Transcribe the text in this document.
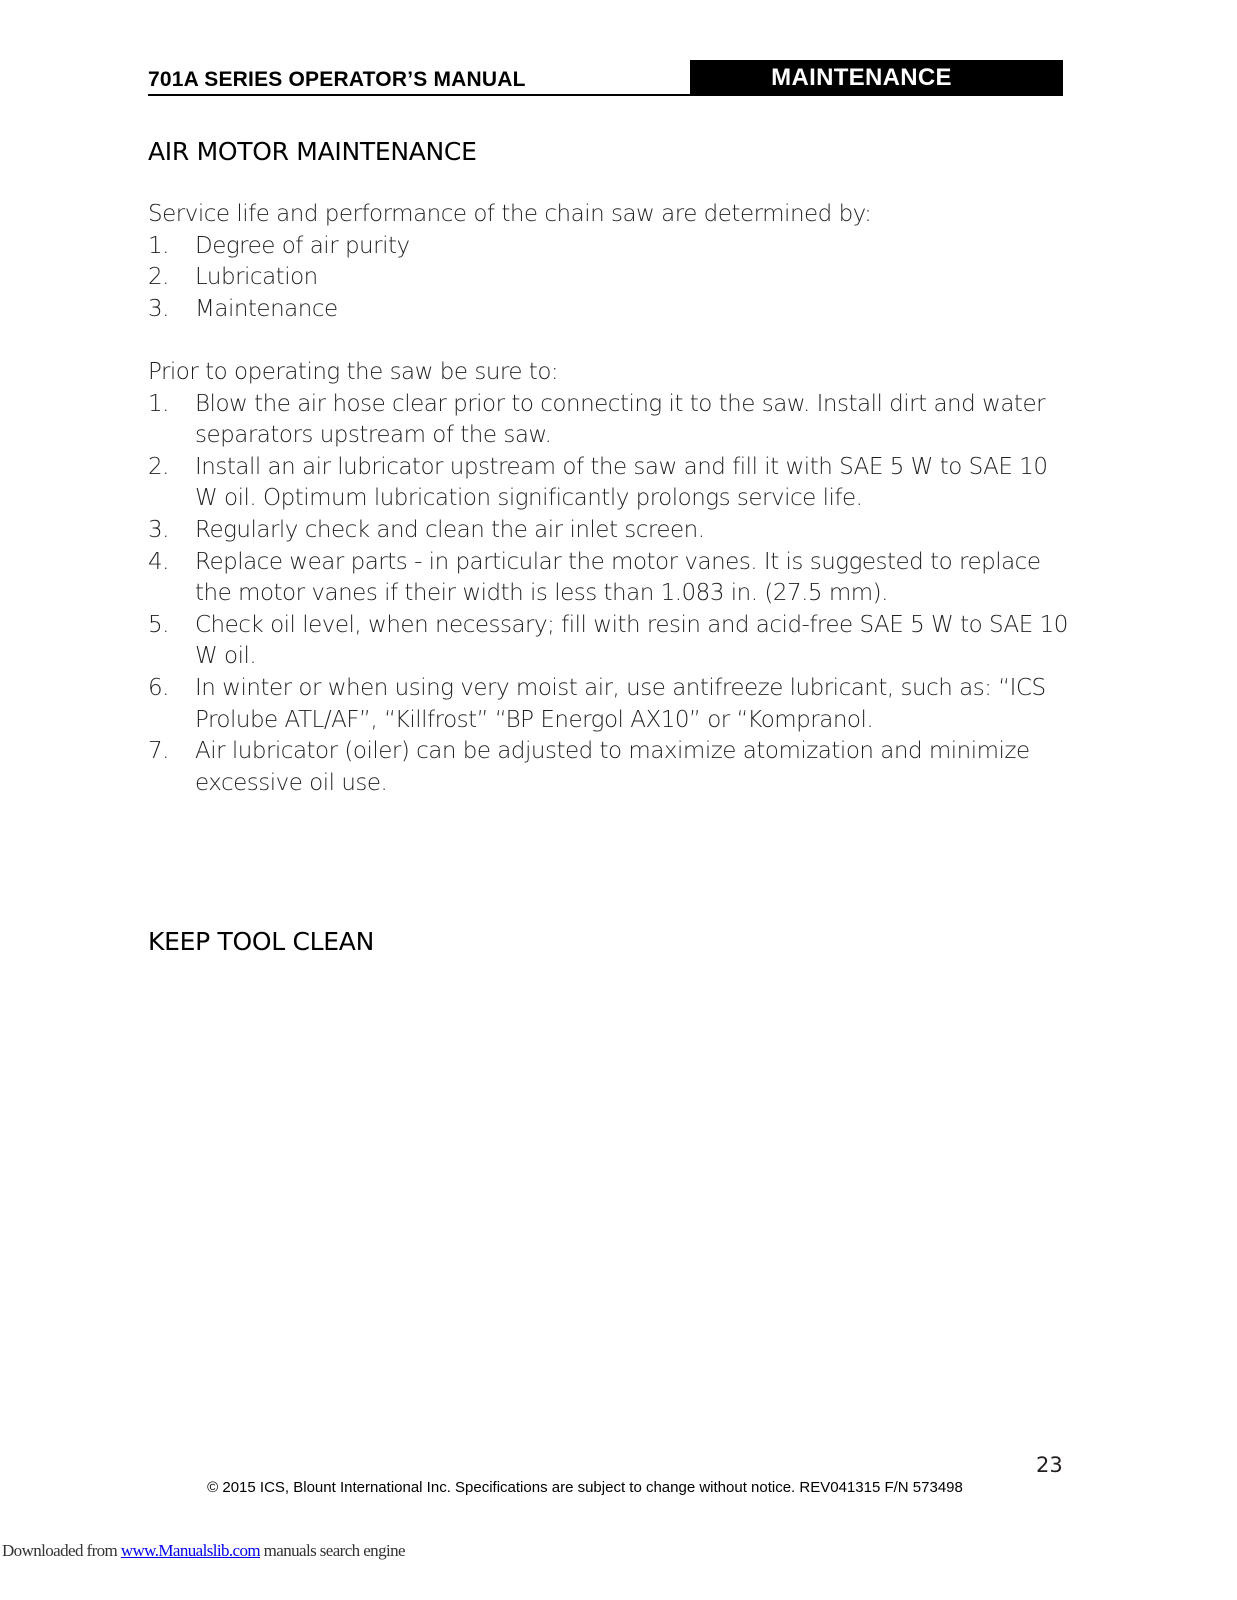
701A SERIES OPERATOR’S MANUAL	MAINTENANCE
AIR MOTOR MAINTENANCE

Service life and performance of the chain saw are determined by:

1.	Degree of air purity
2.	Lubrication
3.	Maintenance

Prior to operating the saw be sure to:

1.	Blow the air hose clear prior to connecting it to the saw. Install dirt and water separators upstream of the saw.
2.	Install an air lubricator upstream of the saw and fill it with SAE 5 W to SAE 10 W oil. Optimum lubrication significantly prolongs service life.
3.	Regularly check and clean the air inlet screen.
4.	Replace wear parts - in particular the motor vanes. It is suggested to replace the motor vanes if their width is less than 1.083 in. (27.5 mm).
5.	Check oil level, when necessary; fill with resin and acid-free SAE 5 W to SAE 10 W oil.
6.	In winter or when using very moist air, use antifreeze lubricant, such as: “ICS Prolube ATL/AF”, “Killfrost” “BP Energol AX10” or “Kompranol.
7.	Air lubricator (oiler) can be adjusted to maximize atomization and minimize excessive oil use.
KEEP TOOL CLEAN
23
© 2015 ICS, Blount International Inc. Specifications are subject to change without notice. REV041315 F/N 573498
Downloaded from www.Manualslib.com manuals search engine
